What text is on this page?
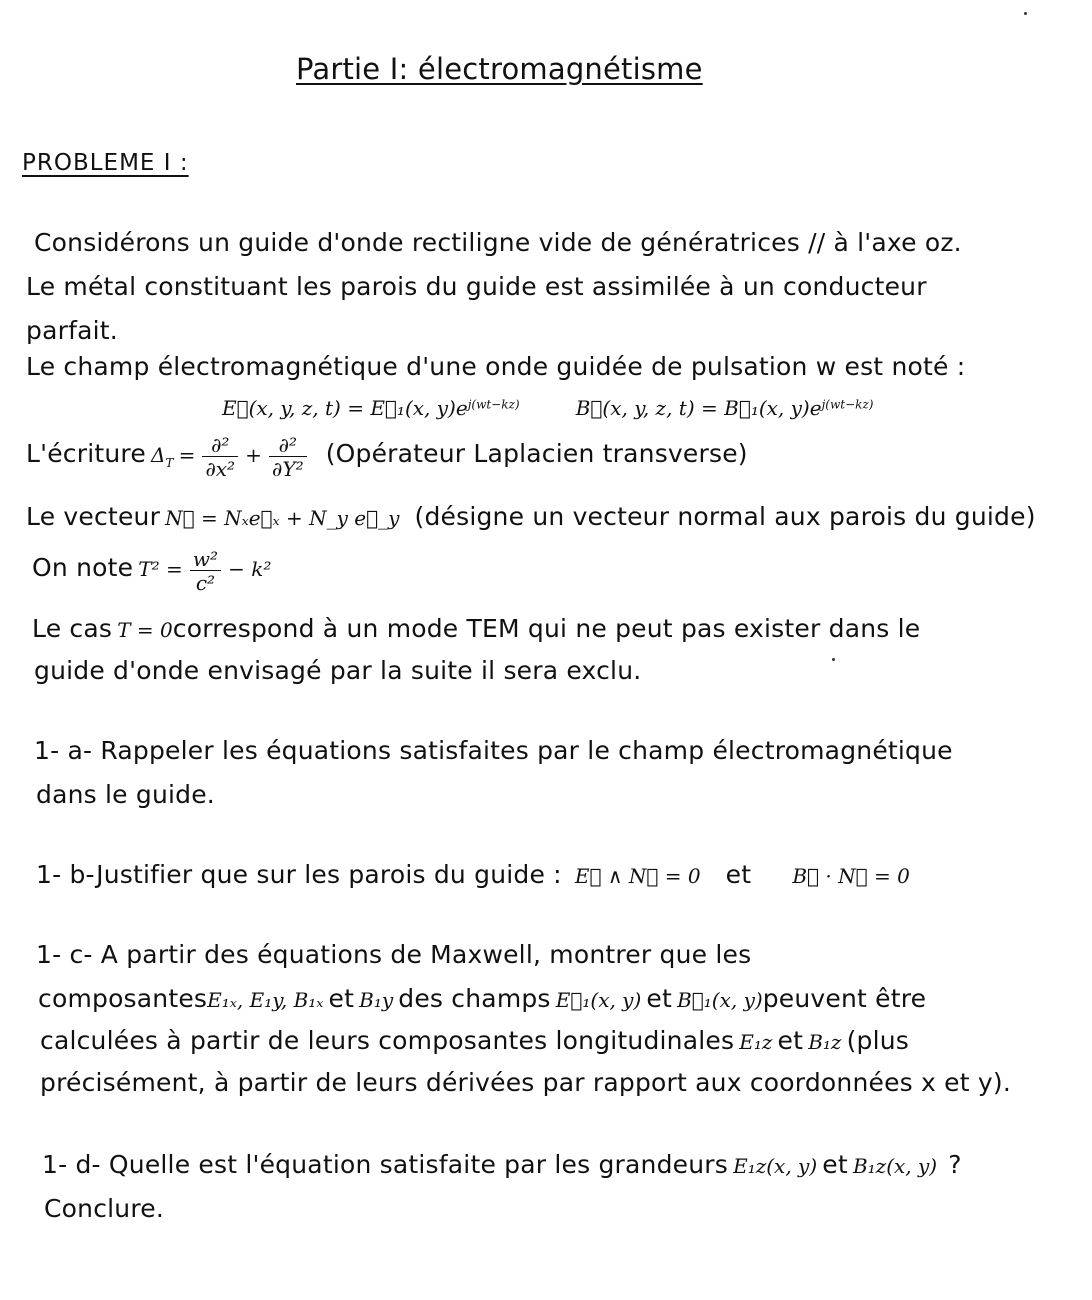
Partie I: électromagnétisme
PROBLEME I :
Considérons un guide d'onde rectiligne vide de génératrices // à l'axe oz.
Le métal constituant les parois du guide est assimilée à un conducteur
parfait.
Le champ électromagnétique d'une onde guidée de pulsation w est noté :
E⃗(x, y, z, t) = E⃗₁(x, $y)e^{j(wt-kz)}$	B⃗(x, y, z, t) = B⃗₁(x, $y)e^{j(wt-kz)}$
L'écriture $\Delta_T = \frac{\text{∂²}}{\text{∂x²}} + \frac{\text{∂²}}{\text{∂Y²}}$ (Opérateur Laplacien transverse)
Le vecteur N⃗ = Nₓe⃗ₓ + N_y e⃗_y (désigne un vecteur normal aux parois du guide)
On note $T^2 = \frac{\text{w²}}{\text{c²}} - k^2$
Le cas T = 0correspond à un mode TEM qui ne peut pas exister dans le
guide d'onde envisagé par la suite il sera exclu.
1- a- Rappeler les équations satisfaites par le champ électromagnétique
dans le guide.
1- b-Justifier que sur les parois du guide : E⃗ ∧ N⃗ = 0 et B⃗ · N⃗ = 0
1- c- A partir des équations de Maxwell, montrer que les
composantesE₁ₓ, E₁y, B₁ₓ et B₁y des champs E⃗₁(x, y) et B⃗₁(x, y)peuvent être
calculées à partir de leurs composantes longitudinales E₁z et B₁z (plus
précisément, à partir de leurs dérivées par rapport aux coordonnées x et y).
1- d- Quelle est l'équation satisfaite par les grandeurs E₁z(x, y) et B₁z(x, y) ?
Conclure.
